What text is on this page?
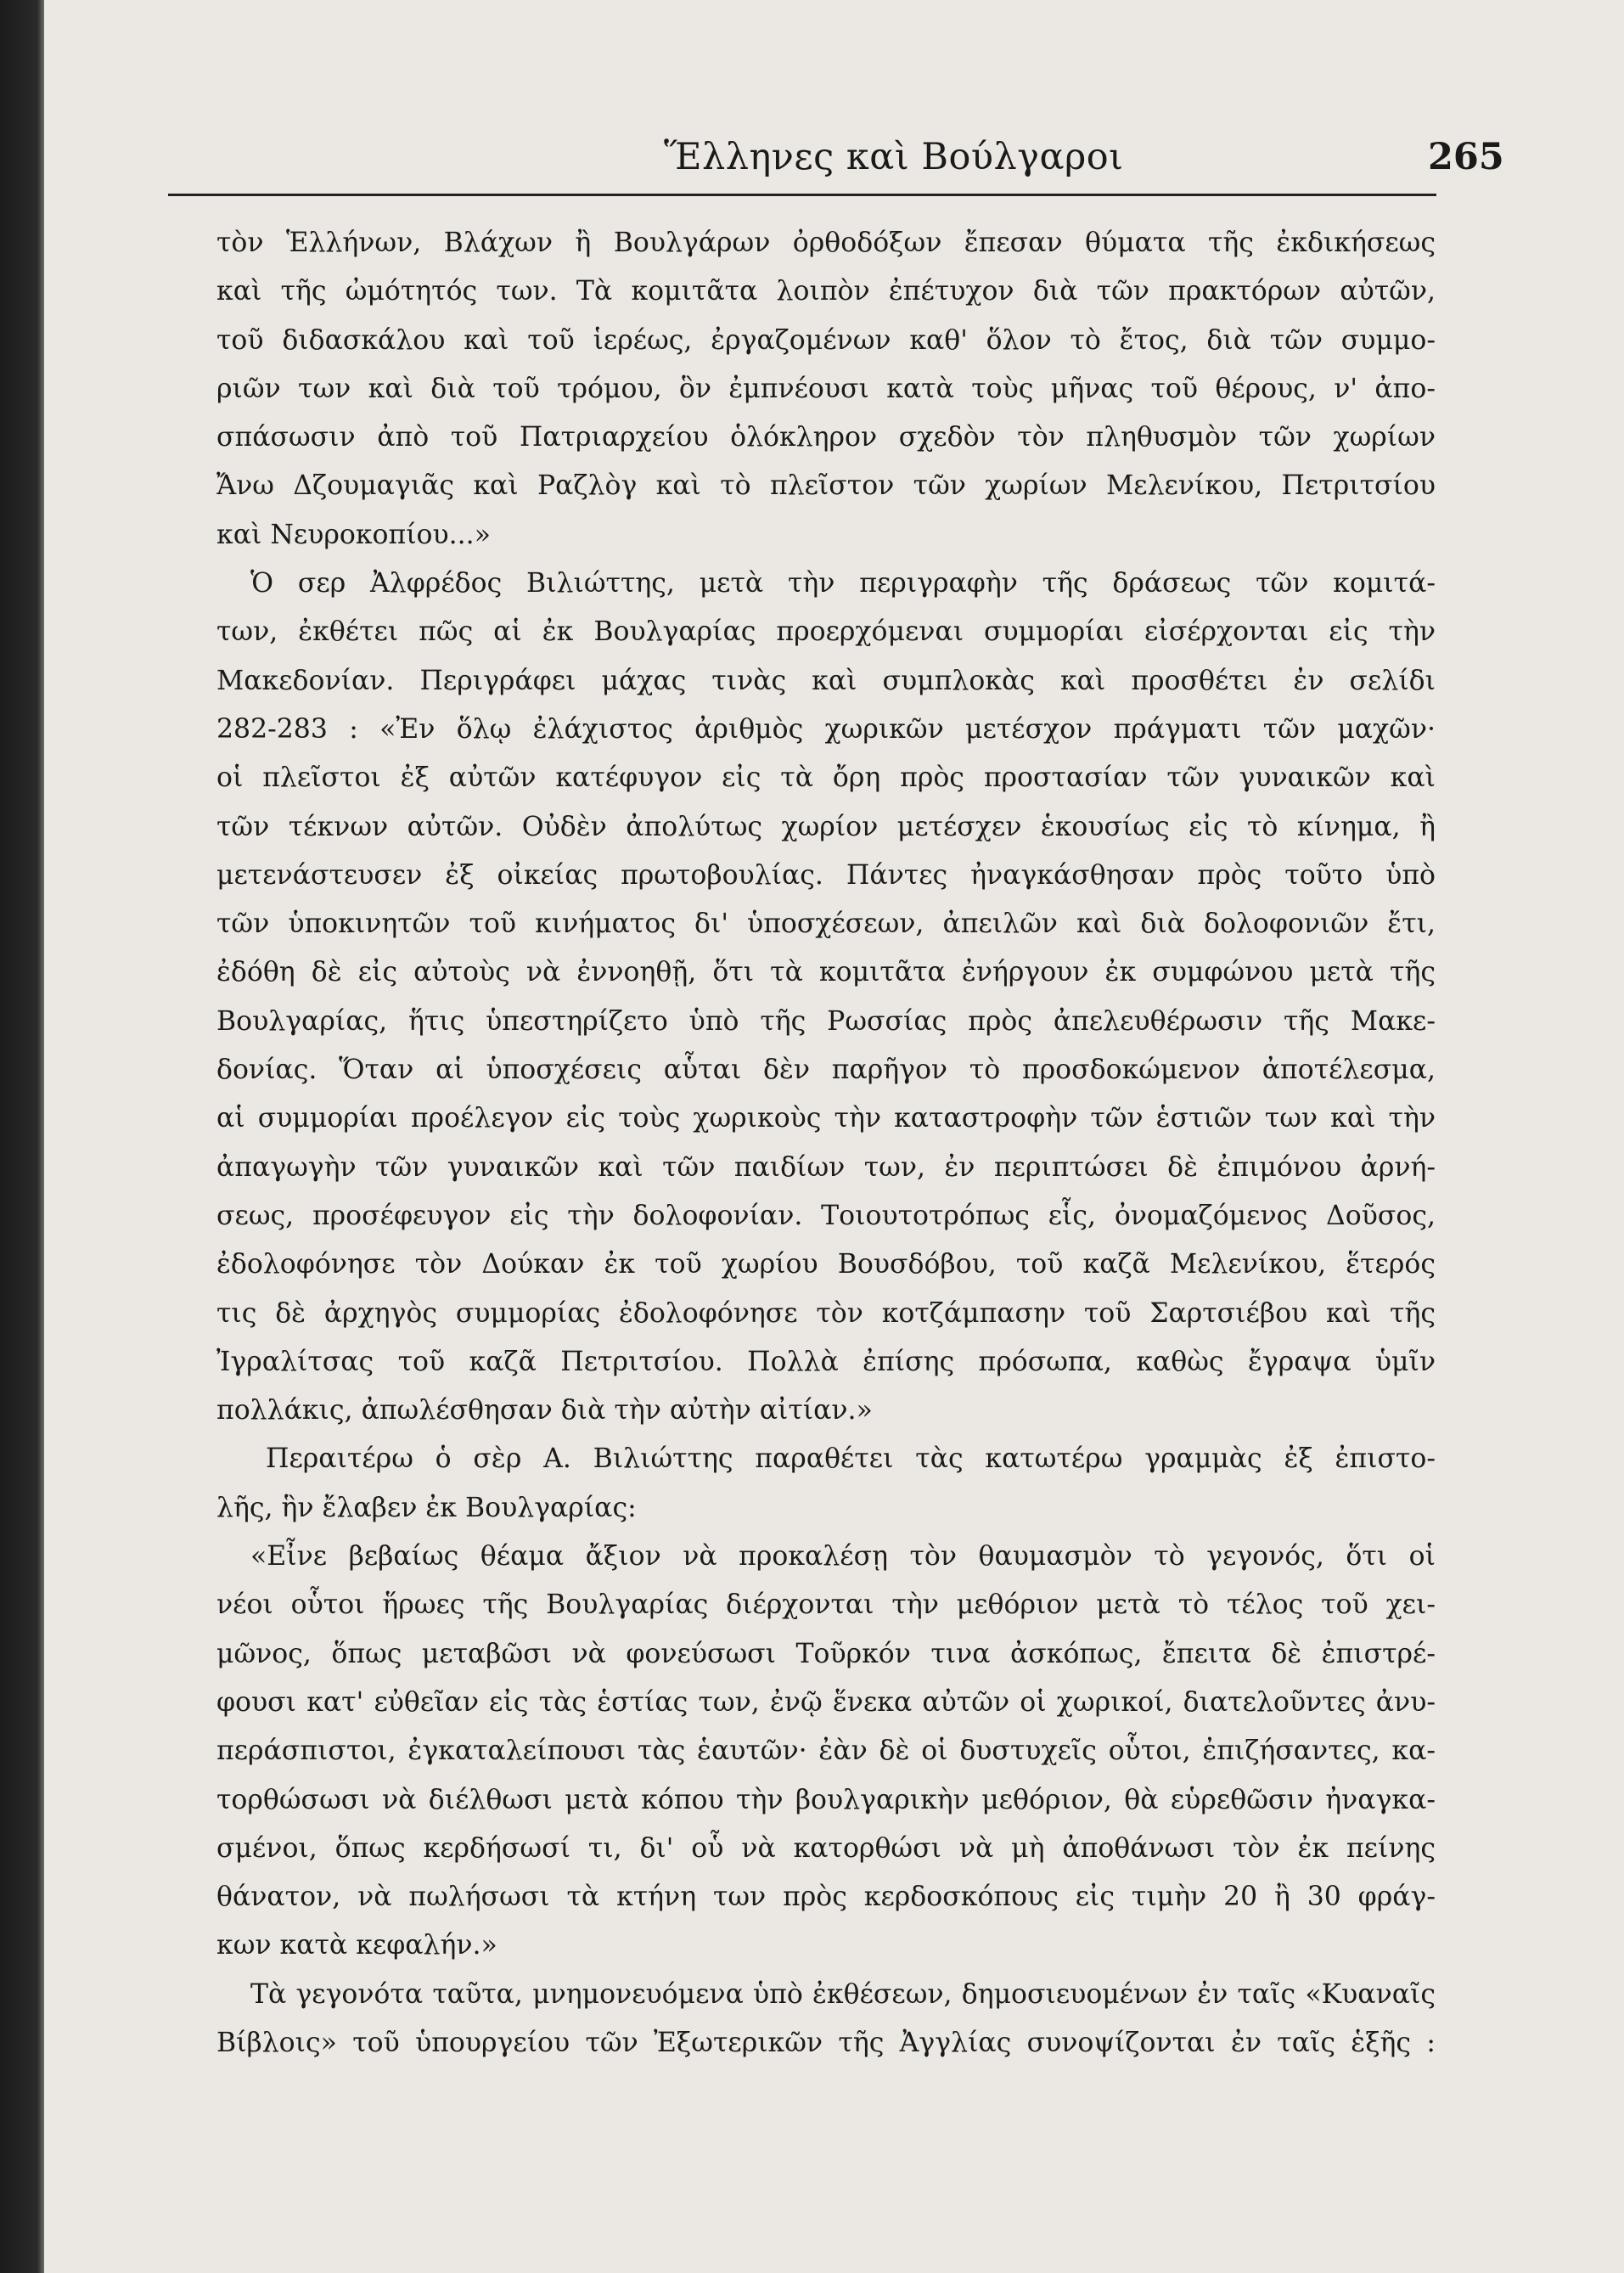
Ἕλληνες καὶ Βούλγαροι	265
τὸν Ἑλλήνων, Βλάχων ἢ Βουλγάρων ὀρθοδόξων ἔπεσαν θύματα τῆς ἐκδικήσεως
καὶ τῆς ὠμότητός των. Τὰ κομιτᾶτα λοιπὸν ἐπέτυχον διὰ τῶν πρακτόρων αὐτῶν,
τοῦ διδασκάλου καὶ τοῦ ἱερέως, ἐργαζομένων καθ' ὅλον τὸ ἔτος, διὰ τῶν συμμο-
ριῶν των καὶ διὰ τοῦ τρόμου, ὃν ἐμπνέουσι κατὰ τοὺς μῆνας τοῦ θέρους, ν' ἀπο-
σπάσωσιν ἀπὸ τοῦ Πατριαρχείου ὁλόκληρον σχεδὸν τὸν πληθυσμὸν τῶν χωρίων
Ἄνω Δζουμαγιᾶς καὶ Ραζλὸγ καὶ τὸ πλεῖστον τῶν χωρίων Μελενίκου, Πετριτσίου
καὶ Νευροκοπίου...»
Ὁ σερ Ἀλφρέδος Βιλιώττης, μετὰ τὴν περιγραφὴν τῆς δράσεως τῶν κομιτά-
των, ἐκθέτει πῶς αἱ ἐκ Βουλγαρίας προερχόμεναι συμμορίαι εἰσέρχονται εἰς τὴν
Μακεδονίαν. Περιγράφει μάχας τινὰς καὶ συμπλοκὰς καὶ προσθέτει ἐν σελίδι
282-283 : «Ἐν ὅλῳ ἐλάχιστος ἀριθμὸς χωρικῶν μετέσχον πράγματι τῶν μαχῶν·
οἱ πλεῖστοι ἐξ αὐτῶν κατέφυγον εἰς τὰ ὄρη πρὸς προστασίαν τῶν γυναικῶν καὶ
τῶν τέκνων αὐτῶν. Οὐδὲν ἀπολύτως χωρίον μετέσχεν ἑκουσίως εἰς τὸ κίνημα, ἢ
μετενάστευσεν ἐξ οἰκείας πρωτοβουλίας. Πάντες ἠναγκάσθησαν πρὸς τοῦτο ὑπὸ
τῶν ὑποκινητῶν τοῦ κινήματος δι' ὑποσχέσεων, ἀπειλῶν καὶ διὰ δολοφονιῶν ἔτι,
ἐδόθη δὲ εἰς αὐτοὺς νὰ ἐννοηθῇ, ὅτι τὰ κομιτᾶτα ἐνήργουν ἐκ συμφώνου μετὰ τῆς
Βουλγαρίας, ἥτις ὑπεστηρίζετο ὑπὸ τῆς Ρωσσίας πρὸς ἀπελευθέρωσιν τῆς Μακε-
δονίας. Ὅταν αἱ ὑποσχέσεις αὗται δὲν παρῆγον τὸ προσδοκώμενον ἀποτέλεσμα,
αἱ συμμορίαι προέλεγον εἰς τοὺς χωρικοὺς τὴν καταστροφὴν τῶν ἑστιῶν των καὶ τὴν
ἀπαγωγὴν τῶν γυναικῶν καὶ τῶν παιδίων των, ἐν περιπτώσει δὲ ἐπιμόνου ἀρνή-
σεως, προσέφευγον εἰς τὴν δολοφονίαν. Τοιουτοτρόπως εἷς, ὀνομαζόμενος Δοῦσος,
ἐδολοφόνησε τὸν Δούκαν ἐκ τοῦ χωρίου Βουσδόβου, τοῦ καζᾶ Μελενίκου, ἕτερός
τις δὲ ἀρχηγὸς συμμορίας ἐδολοφόνησε τὸν κοτζάμπασην τοῦ Σαρτσιέβου καὶ τῆς
Ἰγραλίτσας τοῦ καζᾶ Πετριτσίου. Πολλὰ ἐπίσης πρόσωπα, καθὼς ἔγραψα ὑμῖν
πολλάκις, ἀπωλέσθησαν διὰ τὴν αὐτὴν αἰτίαν.»
Περαιτέρω ὁ σὲρ Α. Βιλιώττης παραθέτει τὰς κατωτέρω γραμμὰς ἐξ ἐπιστο-
λῆς, ἣν ἔλαβεν ἐκ Βουλγαρίας:
«Εἶνε βεβαίως θέαμα ἄξιον νὰ προκαλέσῃ τὸν θαυμασμὸν τὸ γεγονός, ὅτι οἱ
νέοι οὗτοι ἥρωες τῆς Βουλγαρίας διέρχονται τὴν μεθόριον μετὰ τὸ τέλος τοῦ χει-
μῶνος, ὅπως μεταβῶσι νὰ φονεύσωσι Τοῦρκόν τινα ἀσκόπως, ἔπειτα δὲ ἐπιστρέ-
φουσι κατ' εὐθεῖαν εἰς τὰς ἑστίας των, ἐνῷ ἕνεκα αὐτῶν οἱ χωρικοί, διατελοῦντες ἀνυ-
περάσπιστοι, ἐγκαταλείπουσι τὰς ἑαυτῶν· ἐὰν δὲ οἱ δυστυχεῖς οὗτοι, ἐπιζήσαντες, κα-
τορθώσωσι νὰ διέλθωσι μετὰ κόπου τὴν βουλγαρικὴν μεθόριον, θὰ εὑρεθῶσιν ἠναγκα-
σμένοι, ὅπως κερδήσωσί τι, δι' οὗ νὰ κατορθώσι νὰ μὴ ἀποθάνωσι τὸν ἐκ πείνης
θάνατον, νὰ πωλήσωσι τὰ κτήνη των πρὸς κερδοσκόπους εἰς τιμὴν 20 ἢ 30 φράγ-
κων κατὰ κεφαλήν.»
Τὰ γεγονότα ταῦτα, μνημονευόμενα ὑπὸ ἐκθέσεων, δημοσιευομένων ἐν ταῖς «Κυαναῖς
Βίβλοις» τοῦ ὑπουργείου τῶν Ἐξωτερικῶν τῆς Ἀγγλίας συνοψίζονται ἐν ταῖς ἑξῆς :
